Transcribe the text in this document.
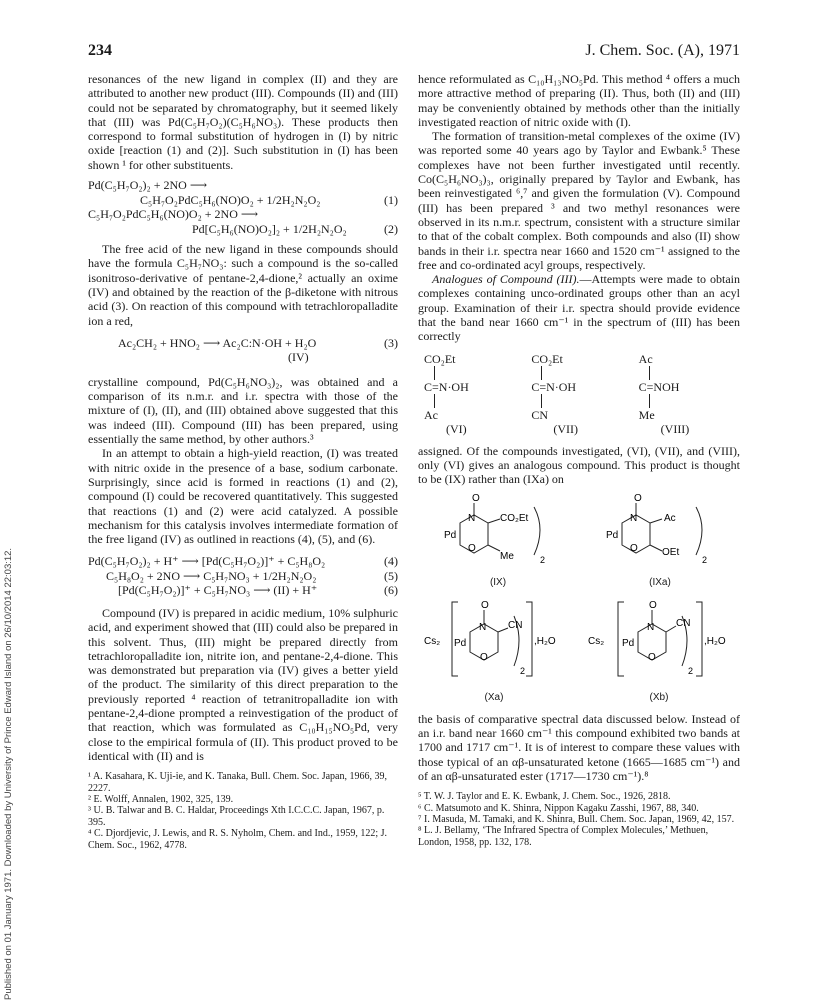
234	J. Chem. Soc. (A), 1971
Published on 01 January 1971. Downloaded by University of Prince Edward Island on 26/10/2014 22:03:12.

resonances of the new ligand in complex (II) and they are attributed to another new product (III). Compounds (II) and (III) could not be separated by chromatography, but it seemed likely that (III) was Pd(C₅H₇O₂)(C₅H₆NO₃). These products then correspond to formal substitution of hydrogen in (I) by nitric oxide [reaction (1) and (2)]. Such substitution in (I) has been shown ¹ for other substituents.

Pd(C₅H₇O₂)₂ + 2NO ⟶
C₅H₇O₂PdC₅H₆(NO)O₂ + 1/2H₂N₂O₂	(1)
C₅H₇O₂PdC₅H₆(NO)O₂ + 2NO ⟶
Pd[C₅H₆(NO)O₂]₂ + 1/2H₂N₂O₂	(2)

The free acid of the new ligand in these compounds should have the formula C₅H₇NO₃: such a compound is the so-called isonitroso-derivative of pentane-2,4-dione,² actually an oxime (IV) and obtained by the reaction of the β-diketone with nitrous acid (3). On reaction of this compound with tetrachloropalladite ion a red,

Ac₂CH₂ + HNO₂ ⟶ Ac₂C:N·OH + H₂O	(3)
(IV)

crystalline compound, Pd(C₅H₆NO₃)₂, was obtained and a comparison of its n.m.r. and i.r. spectra with those of the mixture of (I), (II), and (III) obtained above suggested that this was indeed (III). Compound (III) has been prepared, using essentially the same method, by other authors.³

In an attempt to obtain a high-yield reaction, (I) was treated with nitric oxide in the presence of a base, sodium carbonate. Surprisingly, since acid is formed in reactions (1) and (2), compound (I) could be recovered quantitatively. This suggested that reactions (1) and (2) were acid catalyzed. A possible mechanism for this catalysis involves intermediate formation of the free ligand (IV) as outlined in reactions (4), (5), and (6).

Pd(C₅H₇O₂)₂ + H⁺ ⟶ [Pd(C₅H₇O₂)]⁺ + C₅H₈O₂	(4)
C₅H₈O₂ + 2NO ⟶ C₅H₇NO₃ + 1/2H₂N₂O₂	(5)
[Pd(C₅H₇O₂)]⁺ + C₅H₇NO₃ ⟶ (II) + H⁺	(6)

Compound (IV) is prepared in acidic medium, 10% sulphuric acid, and experiment showed that (III) could also be prepared in this solvent. Thus, (III) might be prepared directly from tetrachloropalladite ion, nitrite ion, and pentane-2,4-dione. This was demonstrated but preparation via (IV) gives a better yield of the product. The similarity of this direct preparation to the previously reported ⁴ reaction of tetranitropalladite ion with pentane-2,4-dione prompted a reinvestigation of the product of that reaction, which was formulated as C₁₀H₁₅NO₅Pd, very close to the empirical formula of (II). This product proved to be identical with (II) and is

¹ A. Kasahara, K. Uji-ie, and K. Tanaka, Bull. Chem. Soc. Japan, 1966, 39, 2227.

² E. Wolff, Annalen, 1902, 325, 139.

³ U. B. Talwar and B. C. Haldar, Proceedings Xth I.C.C.C. Japan, 1967, p. 395.

⁴ C. Djordjevic, J. Lewis, and R. S. Nyholm, Chem. and Ind., 1959, 122; J. Chem. Soc., 1962, 4778.

hence reformulated as C₁₀H₁₃NO₅Pd. This method ⁴ offers a much more attractive method of preparing (II). Thus, both (II) and (III) may be conveniently obtained by methods other than the initially investigated reaction of nitric oxide with (I).

The formation of transition-metal complexes of the oxime (IV) was reported some 40 years ago by Taylor and Ewbank.⁵ These complexes have not been further investigated until recently. Co(C₅H₆NO₃)₃, originally prepared by Taylor and Ewbank, has been reinvestigated ⁶,⁷ and given the formulation (V). Compound (III) has been prepared ³ and two methyl resonances were observed in its n.m.r. spectrum, consistent with a structure similar to that of the cobalt complex. Both compounds and also (II) show bands in their i.r. spectra near 1660 and 1520 cm⁻¹ assigned to the free and co-ordinated acyl groups, respectively.

Analogues of Compound (III).—Attempts were made to obtain complexes containing unco-ordinated groups other than an acyl group. Examination of their i.r. spectra should provide evidence that the band near 1660 cm⁻¹ in the spectrum of (III) has been correctly

CO₂Et
C=N·OH
Ac
(VI)
CO₂Et
C=N·OH
CN
(VII)
Ac
C=NOH
Me
(VIII)

assigned. Of the compounds investigated, (VI), (VII), and (VIII), only (VI) gives an analogous compound. This product is thought to be (IX) rather than (IXa) on

O
N
Pd
O
CO₂Et
Me	2
(IX)
O
N
Pd
O
Ac
OEt
2
(IXa)
O
N
Cs₂ Pd
O
CN
2
,H₂O
(Xa)
O
N
Cs₂ Pd
O
CN
2
,H₂O
(Xb)

the basis of comparative spectral data discussed below. Instead of an i.r. band near 1660 cm⁻¹ this compound exhibited two bands at 1700 and 1717 cm⁻¹. It is of interest to compare these values with those typical of an αβ-unsaturated ketone (1665—1685 cm⁻¹) and of an αβ-unsaturated ester (1717—1730 cm⁻¹).⁸

⁵ T. W. J. Taylor and E. K. Ewbank, J. Chem. Soc., 1926, 2818.

⁶ C. Matsumoto and K. Shinra, Nippon Kagaku Zasshi, 1967, 88, 340.

⁷ I. Masuda, M. Tamaki, and K. Shinra, Bull. Chem. Soc. Japan, 1969, 42, 157.

⁸ L. J. Bellamy, ‘The Infrared Spectra of Complex Molecules,’ Methuen, London, 1958, pp. 132, 178.
